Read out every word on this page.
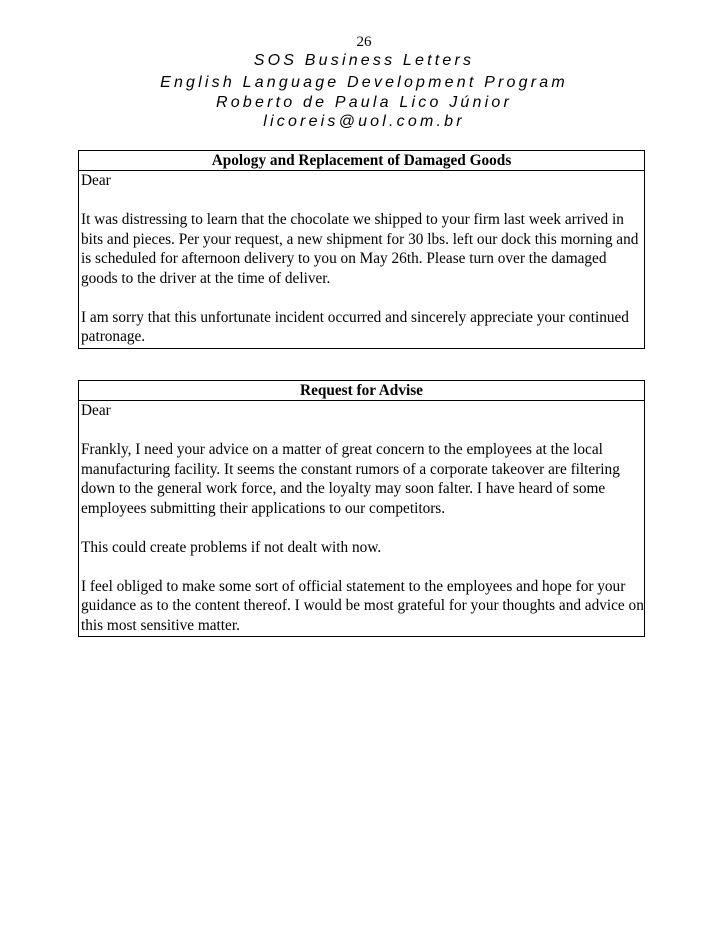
26
SOS Business Letters
English Language Development Program
Roberto de Paula Lico Júnior
licoreis@uol.com.br
Apology and Replacement of Damaged Goods
Dear

It was distressing to learn that the chocolate we shipped to your firm last week arrived in bits and pieces. Per your request, a new shipment for 30 lbs. left our dock this morning and is scheduled for afternoon delivery to you on May 26th. Please turn over the damaged goods to the driver at the time of deliver.

I am sorry that this unfortunate incident occurred and sincerely appreciate your continued patronage.

Request for Advise
Dear

Frankly, I need your advice on a matter of great concern to the employees at the local manufacturing facility. It seems the constant rumors of a corporate takeover are filtering down to the general work force, and the loyalty may soon falter. I have heard of some employees submitting their applications to our competitors.

This could create problems if not dealt with now.

I feel obliged to make some sort of official statement to the employees and hope for your guidance as to the content thereof. I would be most grateful for your thoughts and advice on this most sensitive matter.
